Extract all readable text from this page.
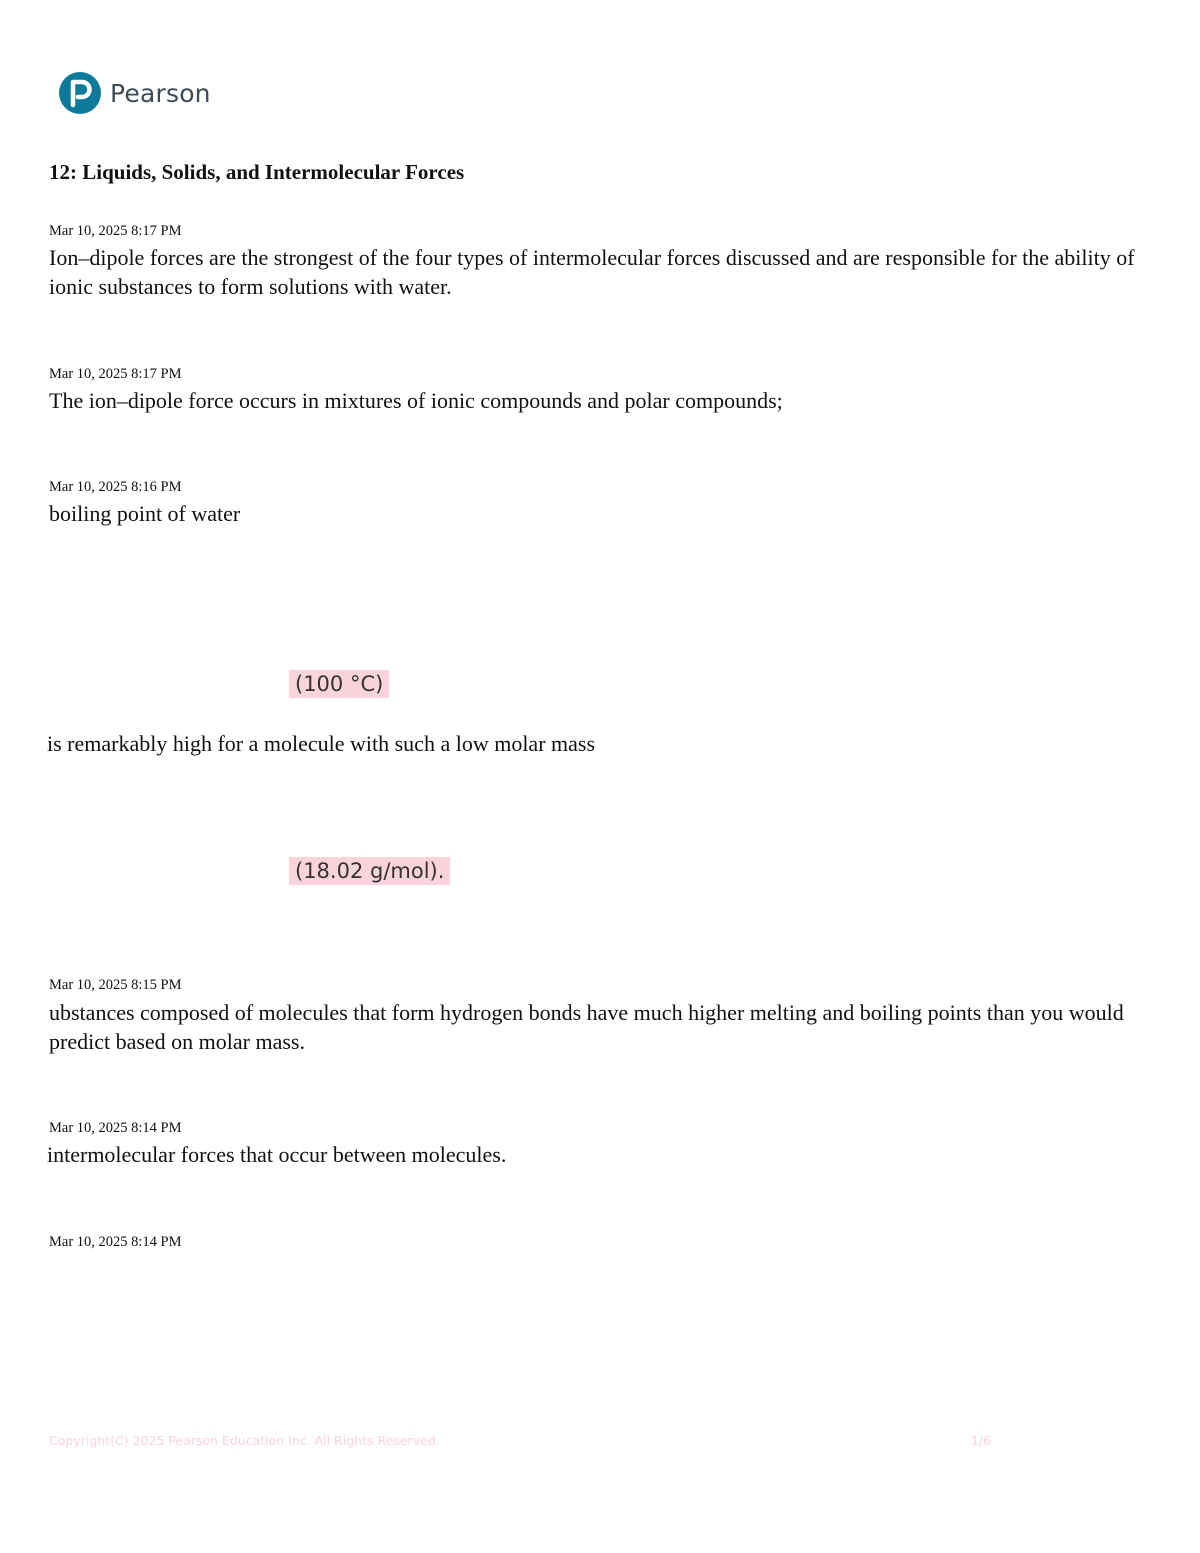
Pearson
12: Liquids, Solids, and Intermolecular Forces
Mar 10, 2025 8:17 PM
Ion–dipole forces are the strongest of the four types of intermolecular forces discussed and are responsible for the ability of ionic substances to form solutions with water.
Mar 10, 2025 8:17 PM
The ion–dipole force occurs in mixtures of ionic compounds and polar compounds;
Mar 10, 2025 8:16 PM
boiling point of water
(100 °C)
is remarkably high for a molecule with such a low molar mass
(18.02 g/mol).
Mar 10, 2025 8:15 PM
ubstances composed of molecules that form hydrogen bonds have much higher melting and boiling points than you would predict based on molar mass.
Mar 10, 2025 8:14 PM
intermolecular forces that occur between molecules.
Mar 10, 2025 8:14 PM
Copyright(C) 2025 Pearson Education Inc. All Rights Reserved.	1/6
